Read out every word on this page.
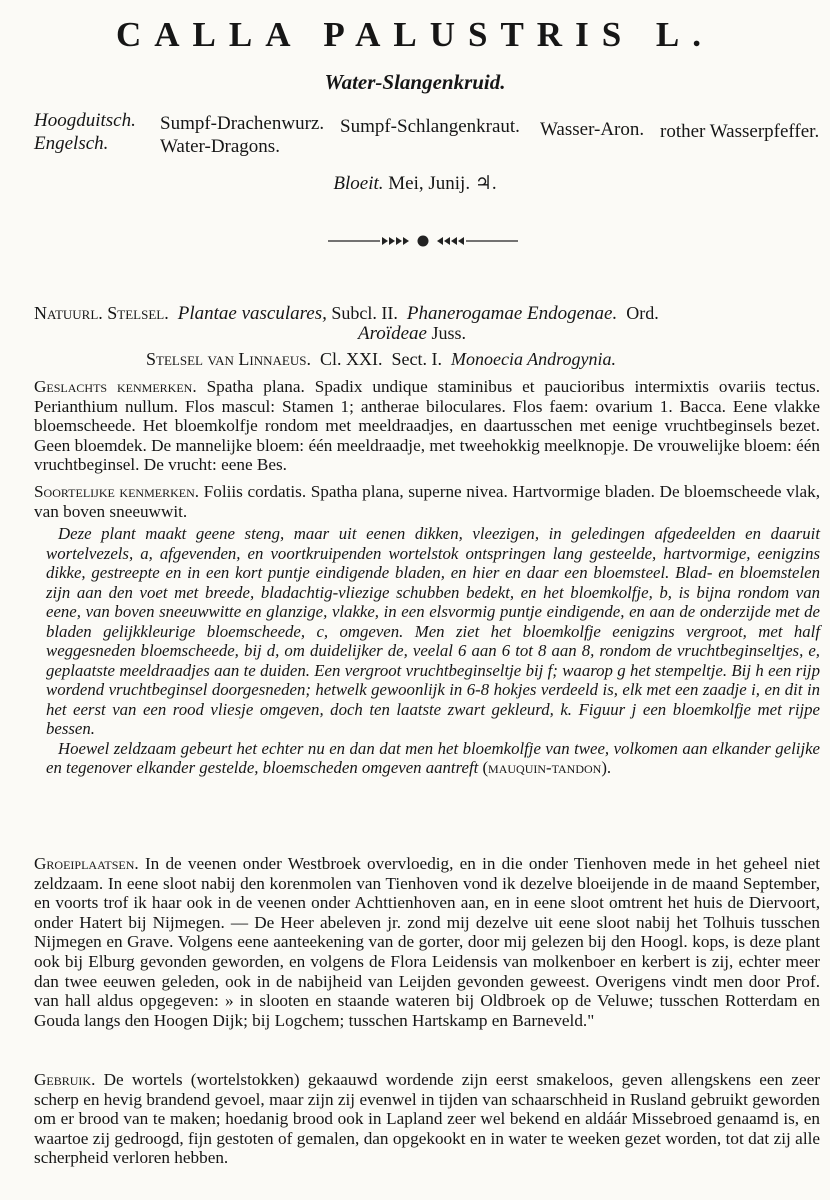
CALLA PALUSTRIS L.
Water-Slangenkruid.
Hoogduitsch. Sumpf-Drachenwurz. Sumpf-Schlangenkraut. Wasser-Aron. rother Wasserpfeffer.
Engelsch.	Water-Dragons.
Bloeit. Mei, Junij. ♃.
——▸▸▸▸❋◂◂◂◂——
Natuurl. Stelsel. Plantae vasculares, Subcl. II. Phanerogamae Endogenae. Ord.
Aroïdeae Juss.
Stelsel van Linnaeus. Cl. XXI. Sect. I. Monoecia Androgynia.

Geslachts kenmerken. Spatha plana. Spadix undique staminibus et paucioribus intermixtis ovariis tectus. Perianthium nullum. Flos mascul: Stamen 1; antherae biloculares. Flos faem: ovarium 1. Bacca. Eene vlakke bloemscheede. Het bloemkolfje rondom met meeldraadjes, en daartusschen met eenige vruchtbeginsels bezet. Geen bloemdek. De mannelijke bloem: één meeldraadje, met tweehokkig meelknopje. De vrouwelijke bloem: één vruchtbeginsel. De vrucht: eene Bes.

Soortelijke kenmerken. Foliis cordatis. Spatha plana, superne nivea. Hartvormige bladen. De bloemscheede vlak, van boven sneeuwwit.

Deze plant maakt geene steng, maar uit eenen dikken, vleezigen, in geledingen afgedeelden en daaruit wortelvezels, a, afgevenden, en voortkruipenden wortelstok ontspringen lang gesteelde, hartvormige, eenigzins dikke, gestreepte en in een kort puntje eindigende bladen, en hier en daar een bloemsteel. Blad- en bloemstelen zijn aan den voet met breede, bladachtig-vliezige schubben bedekt, en het bloemkolfje, b, is bijna rondom van eene, van boven sneeuwwitte en glanzige, vlakke, in een elsvormig puntje eindigende, en aan de onderzijde met de bladen gelijkkleurige bloemscheede, c, omgeven. Men ziet het bloemkolfje eenigzins vergroot, met half weggesneden bloemscheede, bij d, om duidelijker de, veelal 6 aan 6 tot 8 aan 8, rondom de vruchtbeginseltjes, e, geplaatste meeldraadjes aan te duiden. Een vergroot vruchtbeginseltje bij f; waarop g het stempeltje. Bij h een rijp wordend vruchtbeginsel doorgesneden; hetwelk gewoonlijk in 6-8 hokjes verdeeld is, elk met een zaadje i, en dit in het eerst van een rood vliesje omgeven, doch ten laatste zwart gekleurd, k. Figuur j een bloemkolfje met rijpe bessen.

Hoewel zeldzaam gebeurt het echter nu en dan dat men het bloemkolfje van twee, volkomen aan elkander gelijke en tegenover elkander gestelde, bloemscheden omgeven aantreft (mauquin-tandon).

Groeiplaatsen. In de veenen onder Westbroek overvloedig, en in die onder Tienhoven mede in het geheel niet zeldzaam. In eene sloot nabij den korenmolen van Tienhoven vond ik dezelve bloeijende in de maand September, en voorts trof ik haar ook in de veenen onder Achttienhoven aan, en in eene sloot omtrent het huis de Diervoort, onder Hatert bij Nijmegen. — De Heer abeleven jr. zond mij dezelve uit eene sloot nabij het Tolhuis tusschen Nijmegen en Grave. Volgens eene aanteekening van de gorter, door mij gelezen bij den Hoogl. kops, is deze plant ook bij Elburg gevonden geworden, en volgens de Flora Leidensis van molkenboer en kerbert is zij, echter meer dan twee eeuwen geleden, ook in de nabijheid van Leijden gevonden geweest. Overigens vindt men door Prof. van hall aldus opgegeven: » in slooten en staande wateren bij Oldbroek op de Veluwe; tusschen Rotterdam en Gouda langs den Hoogen Dijk; bij Logchem; tusschen Hartskamp en Barneveld."

Gebruik. De wortels (wortelstokken) gekaauwd wordende zijn eerst smakeloos, geven allengskens een zeer scherp en hevig brandend gevoel, maar zijn zij evenwel in tijden van schaarschheid in Rusland gebruikt geworden om er brood van te maken; hoedanig brood ook in Lapland zeer wel bekend en aldáár Missebroed genaamd is, en waartoe zij gedroogd, fijn gestoten of gemalen, dan opgekookt en in water te weeken gezet worden, tot dat zij alle scherpheid verloren hebben.
